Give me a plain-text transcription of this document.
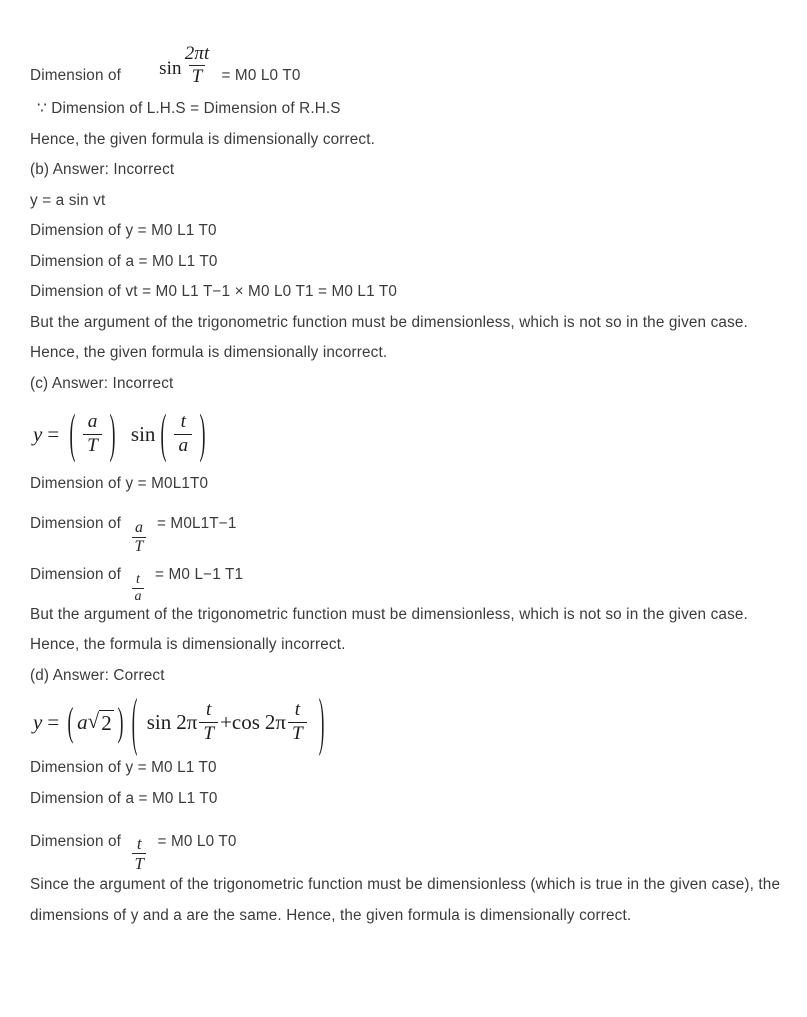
Dimension of $\sin \frac{2\pi t}{T} = M0$ L0 T0
∵ Dimension of L.H.S = Dimension of R.H.S
Hence, the given formula is dimensionally correct.
(b) Answer: Incorrect
y = a sin vt
Dimension of y = M0 L1 T0
Dimension of a = M0 L1 T0
Dimension of vt = M0 L1 T−1 × M0 L0 T1 = M0 L1 T0
But the argument of the trigonometric function must be dimensionless, which is not so in the given case. Hence, the given formula is dimensionally incorrect.
(c) Answer: Incorrect
y = ( $\frac{a}{T}$ ) sin ( $\frac{t}{a}$ )
Dimension of y = M0L1T0
Dimension of $\frac{a}{T} = M0L1T-1$
Dimension of $\frac{t}{a} = M0$ L−1 T1
But the argument of the trigonometric function must be dimensionless, which is not so in the given case. Hence, the formula is dimensionally incorrect.
(d) Answer: Correct
y = ( a √ 2 ) ( $\sin 2\pi \frac{t}{T} + \cos 2\pi \frac{t}{T}$ )
Dimension of y = M0 L1 T0
Dimension of a = M0 L1 T0
Dimension of $\frac{t}{T} = M0$ L0 T0
Since the argument of the trigonometric function must be dimensionless (which is true in the given case), the dimensions of y and a are the same. Hence, the given formula is dimensionally correct.
